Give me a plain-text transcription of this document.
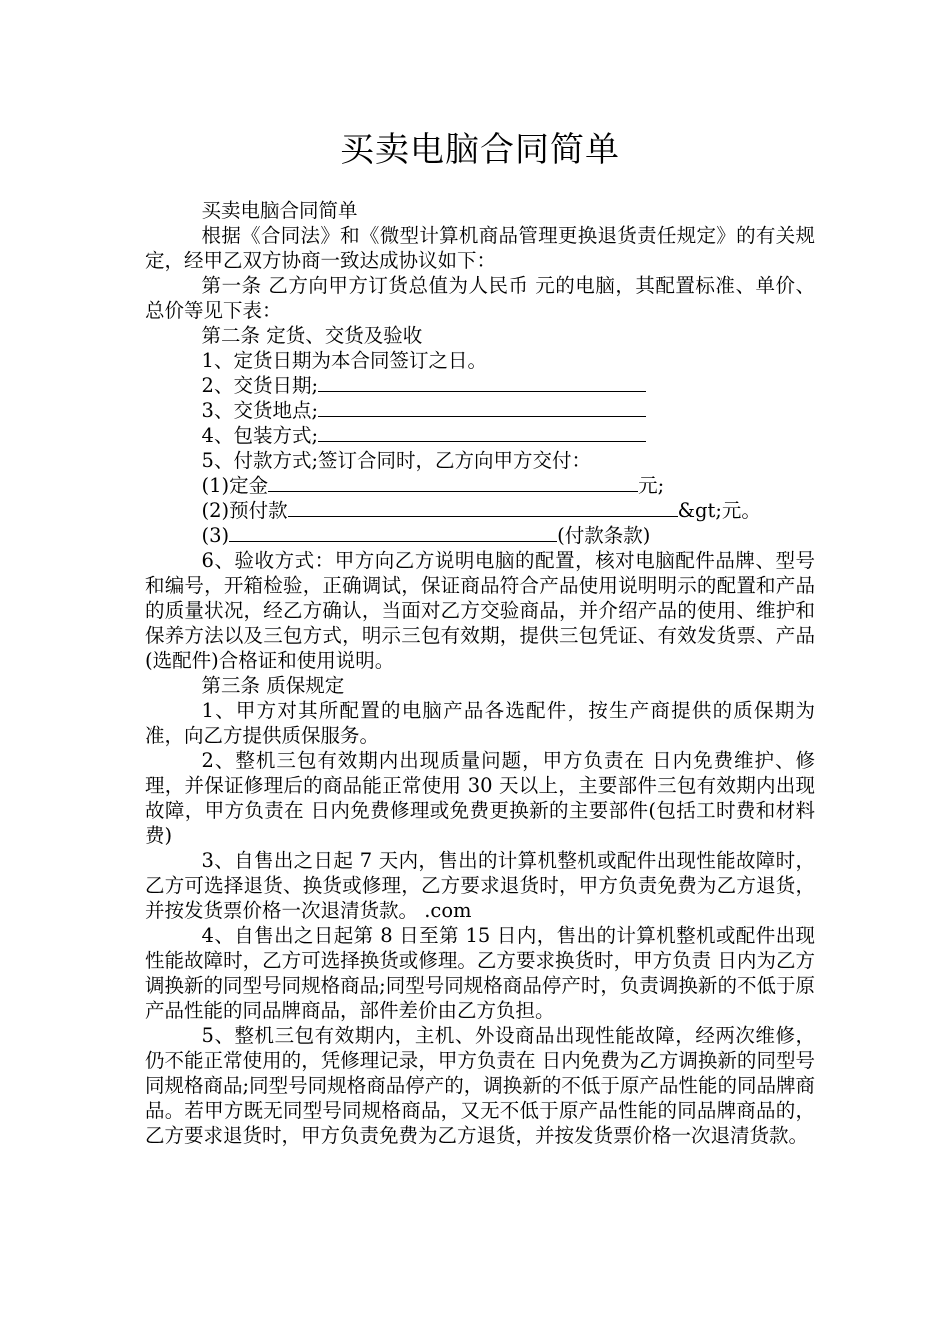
买卖电脑合同简单

买卖电脑合同简单

根据《合同法》和《微型计算机商品管理更换退货责任规定》的有关规定，经甲乙双方协商一致达成协议如下：

第一条 乙方向甲方订货总值为人民币 元的电脑，其配置标准、单价、总价等见下表：

第二条 定货、交货及验收

1、定货日期为本合同签订之日。

2、交货日期;

3、交货地点;

4、包装方式;

5、付款方式;签订合同时，乙方向甲方交付：

(1)定金	元;

(2)预付款	&gt;元。

(3)	(付款条款)

6、验收方式：甲方向乙方说明电脑的配置，核对电脑配件品牌、型号和编号，开箱检验，正确调试，保证商品符合产品使用说明明示的配置和产品的质量状况，经乙方确认，当面对乙方交验商品，并介绍产品的使用、维护和保养方法以及三包方式，明示三包有效期，提供三包凭证、有效发货票、产品(选配件)合格证和使用说明。

第三条 质保规定

1、甲方对其所配置的电脑产品各选配件，按生产商提供的质保期为准，向乙方提供质保服务。

2、整机三包有效期内出现质量问题，甲方负责在 日内免费维护、修理，并保证修理后的商品能正常使用 30 天以上，主要部件三包有效期内出现故障，甲方负责在 日内免费修理或免费更换新的主要部件(包括工时费和材料费)

3、自售出之日起 7 天内，售出的计算机整机或配件出现性能故障时，乙方可选择退货、换货或修理，乙方要求退货时，甲方负责免费为乙方退货，并按发货票价格一次退清货款。 .com

4、自售出之日起第 8 日至第 15 日内，售出的计算机整机或配件出现性能故障时，乙方可选择换货或修理。乙方要求换货时，甲方负责 日内为乙方调换新的同型号同规格商品;同型号同规格商品停产时，负责调换新的不低于原产品性能的同品牌商品，部件差价由乙方负担。

5、整机三包有效期内，主机、外设商品出现性能故障，经两次维修，仍不能正常使用的，凭修理记录，甲方负责在 日内免费为乙方调换新的同型号同规格商品;同型号同规格商品停产的，调换新的不低于原产品性能的同品牌商品。若甲方既无同型号同规格商品，又无不低于原产品性能的同品牌商品的，乙方要求退货时，甲方负责免费为乙方退货，并按发货票价格一次退清货款。
